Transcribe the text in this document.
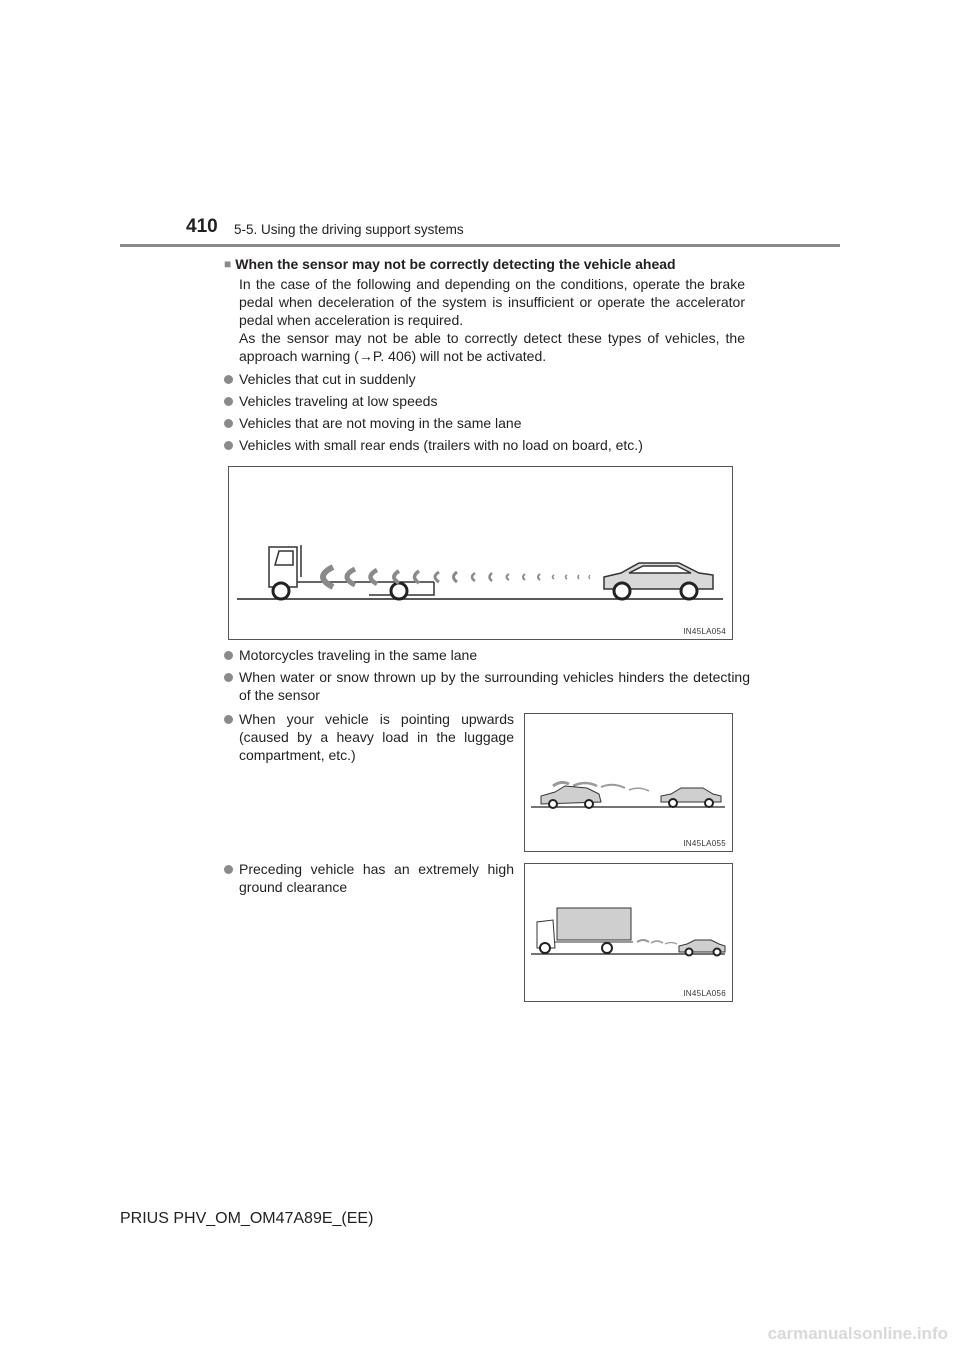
410 5-5. Using the driving support systems
■ When the sensor may not be correctly detecting the vehicle ahead

In the case of the following and depending on the conditions, operate the brake pedal when deceleration of the system is insufficient or operate the accelerator pedal when acceleration is required.

As the sensor may not be able to correctly detect these types of vehicles, the approach warning (→P. 406) will not be activated.

Vehicles that cut in suddenly
Vehicles traveling at low speeds
Vehicles that are not moving in the same lane
Vehicles with small rear ends (trailers with no load on board, etc.)
IN45LA054
Motorcycles traveling in the same lane
When water or snow thrown up by the surrounding vehicles hinders the detecting of the sensor
When your vehicle is pointing upwards (caused by a heavy load in the luggage compartment, etc.)
IN45LA055
Preceding vehicle has an extremely high ground clearance
IN45LA056
PRIUS PHV_OM_OM47A89E_(EE)
carmanualsonline.info
